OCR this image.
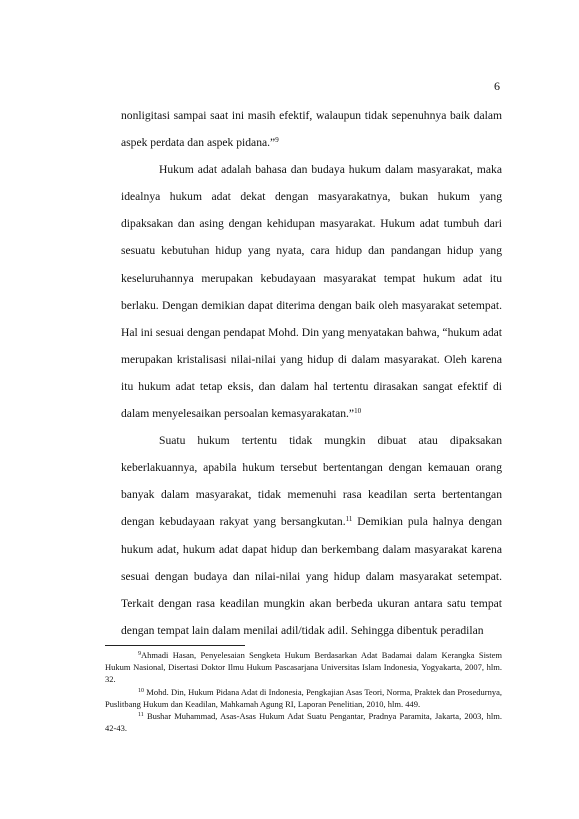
6

nonligitasi sampai saat ini masih efektif, walaupun tidak sepenuhnya baik dalam aspek perdata dan aspek pidana.”$^9$

Hukum adat adalah bahasa dan budaya hukum dalam masyarakat, maka idealnya hukum adat dekat dengan masyarakatnya, bukan hukum yang dipaksakan dan asing dengan kehidupan masyarakat. Hukum adat tumbuh dari sesuatu kebutuhan hidup yang nyata, cara hidup dan pandangan hidup yang keseluruhannya merupakan kebudayaan masyarakat tempat hukum adat itu berlaku. Dengan demikian dapat diterima dengan baik oleh masyarakat setempat. Hal ini sesuai dengan pendapat Mohd. Din yang menyatakan bahwa, “hukum adat merupakan kristalisasi nilai-nilai yang hidup di dalam masyarakat. Oleh karena itu hukum adat tetap eksis, dan dalam hal tertentu dirasakan sangat efektif di dalam menyelesaikan persoalan kemasyarakatan.”$^{10}$

Suatu hukum tertentu tidak mungkin dibuat atau dipaksakan keberlakuannya, apabila hukum tersebut bertentangan dengan kemauan orang banyak dalam masyarakat, tidak memenuhi rasa keadilan serta bertentangan dengan kebudayaan rakyat yang bersangkutan.$^{11}$ Demikian pula halnya dengan hukum adat, hukum adat dapat hidup dan berkembang dalam masyarakat karena sesuai dengan budaya dan nilai-nilai yang hidup dalam masyarakat setempat. Terkait dengan rasa keadilan mungkin akan berbeda ukuran antara satu tempat dengan tempat lain dalam menilai adil/tidak adil. Sehingga dibentuk peradilan

$^9$Ahmadi Hasan, Penyelesaian Sengketa Hukum Berdasarkan Adat Badamai dalam Kerangka Sistem Hukum Nasional, Disertasi Doktor Ilmu Hukum Pascasarjana Universitas Islam Indonesia, Yogyakarta, 2007, hlm. 32.

$^{10}$ Mohd. Din, Hukum Pidana Adat di Indonesia, Pengkajian Asas Teori, Norma, Praktek dan Prosedurnya, Puslitbang Hukum dan Keadilan, Mahkamah Agung RI, Laporan Penelitian, 2010, hlm. 449.

$^{11}$ Bushar Muhammad, Asas-Asas Hukum Adat Suatu Pengantar, Pradnya Paramita, Jakarta, 2003, hlm. 42-43.
